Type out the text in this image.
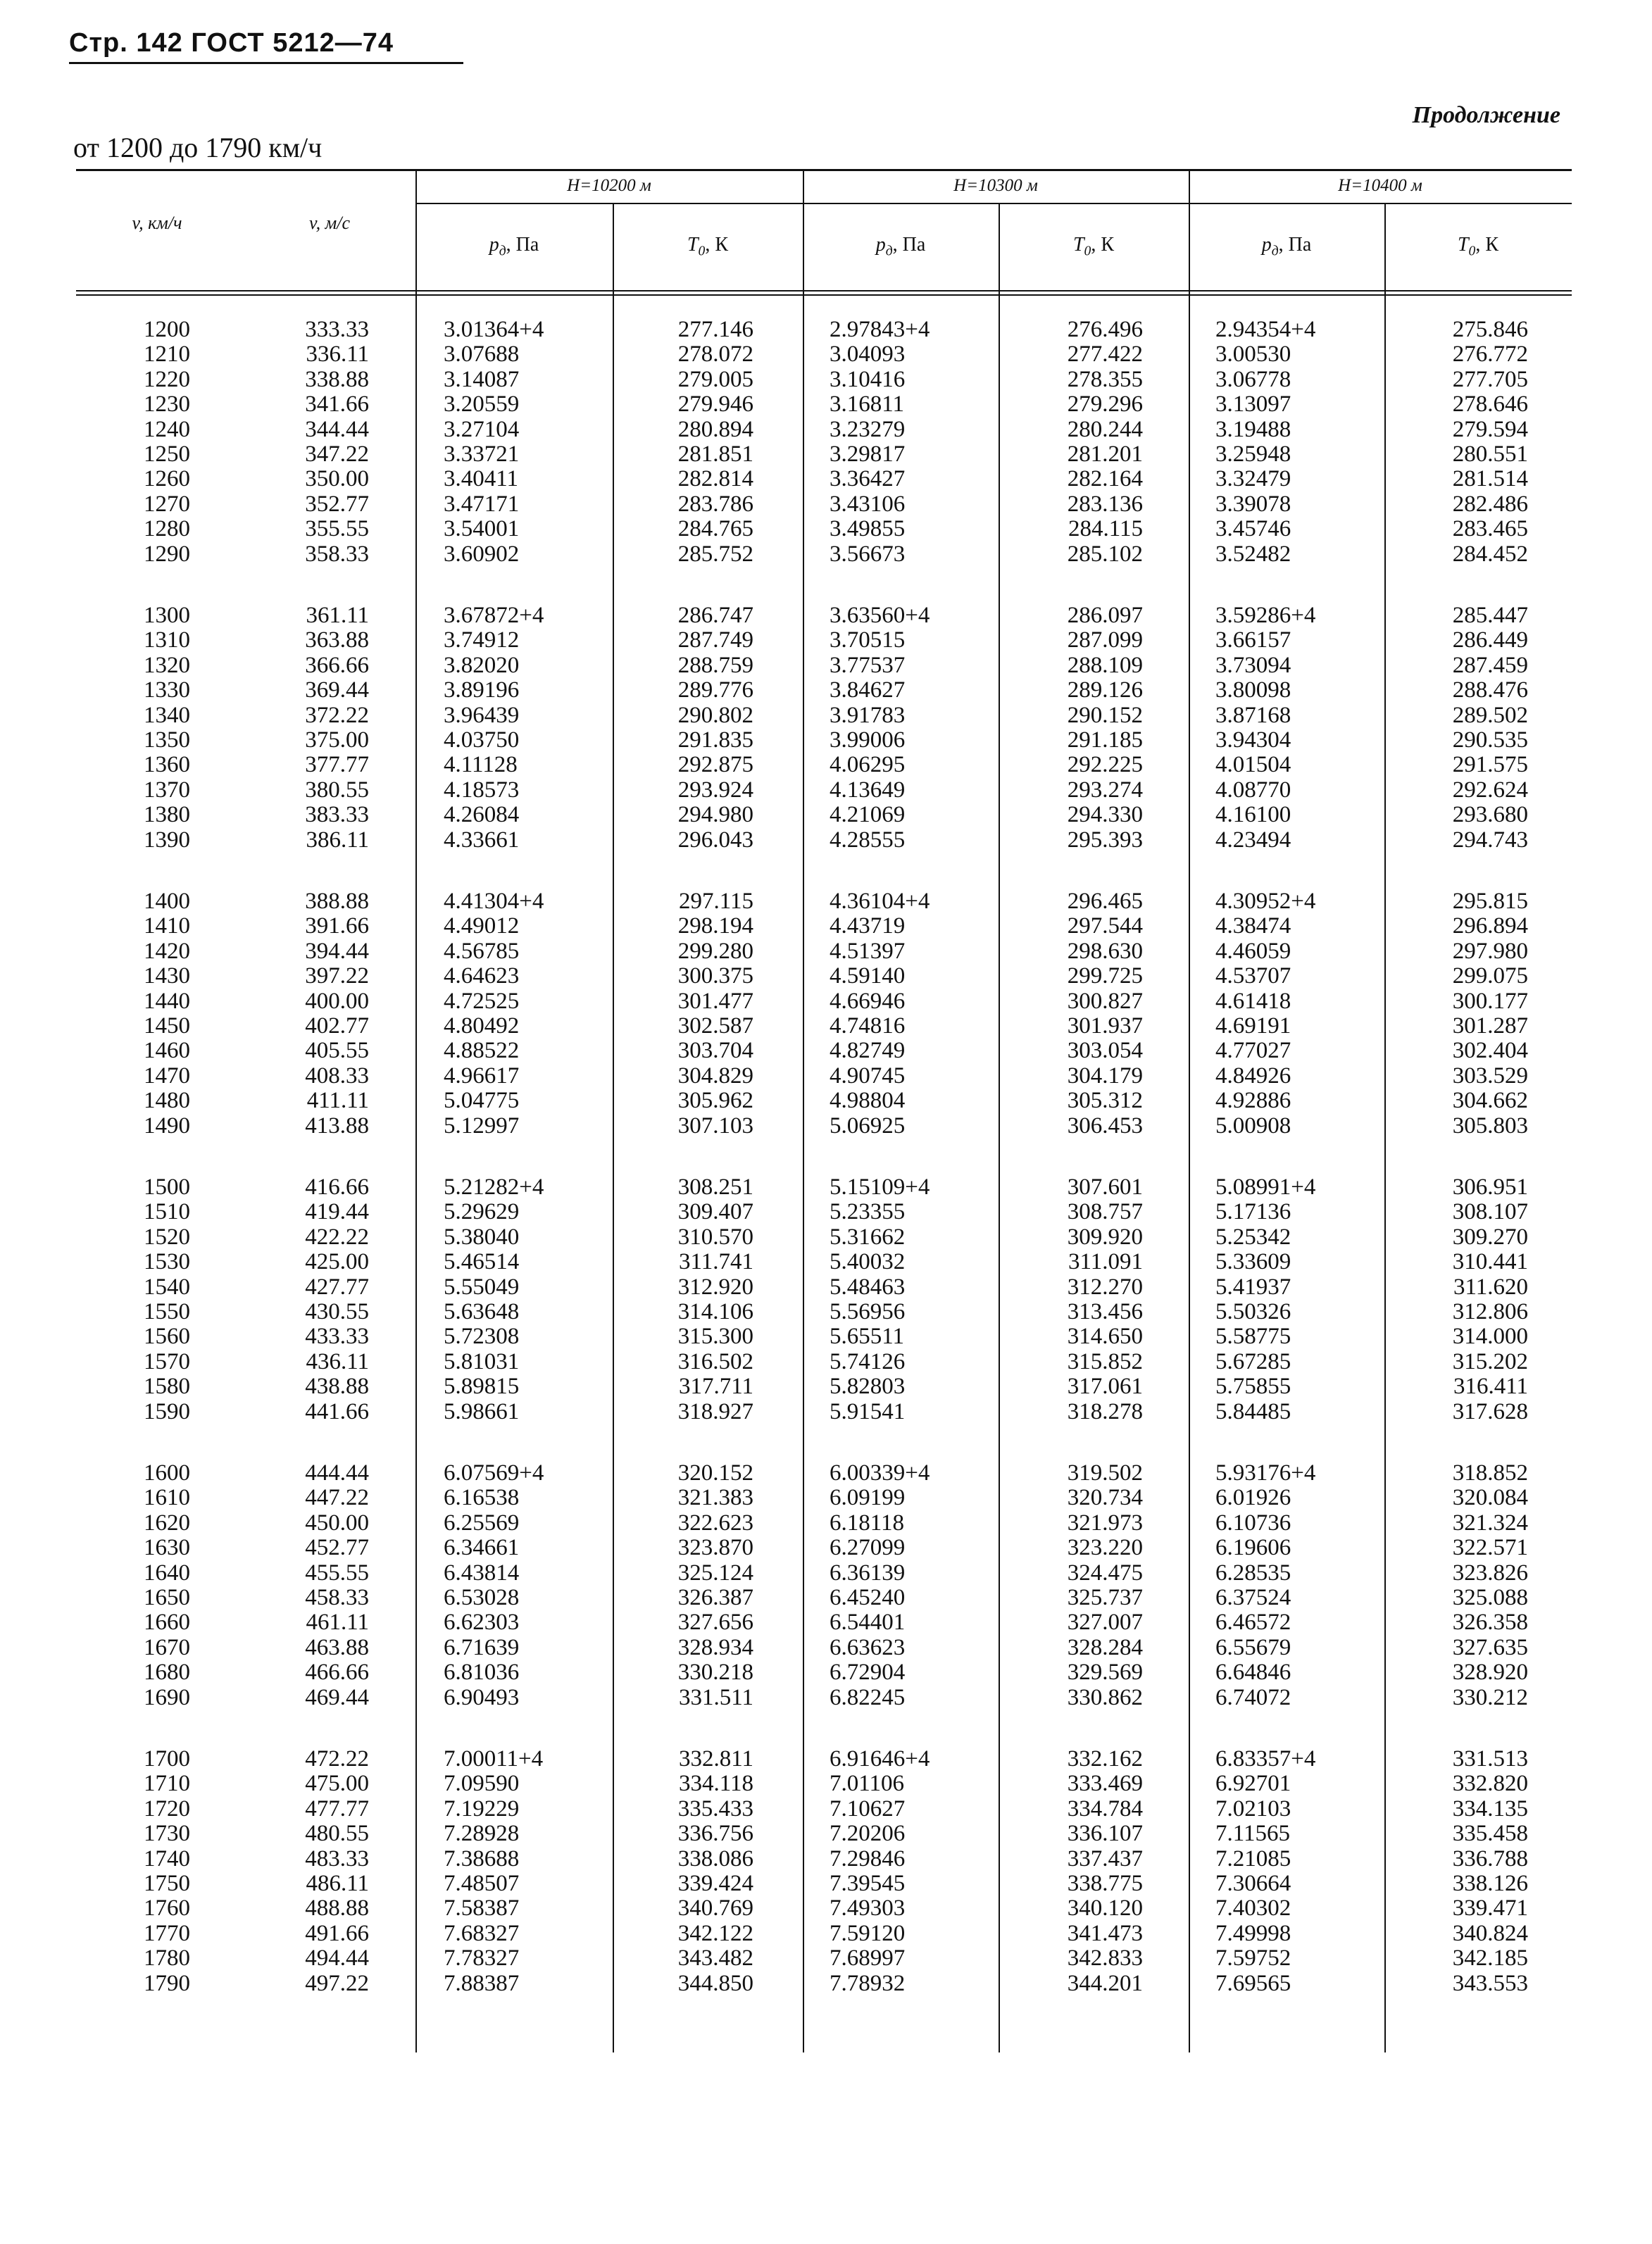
Стр. 142 ГОСТ 5212—74
Продолжение
от 1200 до 1790 км/ч
v, км/ч	v, м/с
H=10200 м	H=10300 м	H=10400 м
$р_д$, Па	$T_0$, К	$р_д$, Па	$T_0$, К	$р_д$, Па	$T_0$, К
1200	333.33	3.01364+4	277.146	2.97843+4	276.496	2.94354+4	275.846
1210	336.11	3.07688	278.072	3.04093	277.422	3.00530	276.772
1220	338.88	3.14087	279.005	3.10416	278.355	3.06778	277.705
1230	341.66	3.20559	279.946	3.16811	279.296	3.13097	278.646
1240	344.44	3.27104	280.894	3.23279	280.244	3.19488	279.594
1250	347.22	3.33721	281.851	3.29817	281.201	3.25948	280.551
1260	350.00	3.40411	282.814	3.36427	282.164	3.32479	281.514
1270	352.77	3.47171	283.786	3.43106	283.136	3.39078	282.486
1280	355.55	3.54001	284.765	3.49855	284.115	3.45746	283.465
1290	358.33	3.60902	285.752	3.56673	285.102	3.52482	284.452
1300	361.11	3.67872+4	286.747	3.63560+4	286.097	3.59286+4	285.447
1310	363.88	3.74912	287.749	3.70515	287.099	3.66157	286.449
1320	366.66	3.82020	288.759	3.77537	288.109	3.73094	287.459
1330	369.44	3.89196	289.776	3.84627	289.126	3.80098	288.476
1340	372.22	3.96439	290.802	3.91783	290.152	3.87168	289.502
1350	375.00	4.03750	291.835	3.99006	291.185	3.94304	290.535
1360	377.77	4.11128	292.875	4.06295	292.225	4.01504	291.575
1370	380.55	4.18573	293.924	4.13649	293.274	4.08770	292.624
1380	383.33	4.26084	294.980	4.21069	294.330	4.16100	293.680
1390	386.11	4.33661	296.043	4.28555	295.393	4.23494	294.743
1400	388.88	4.41304+4	297.115	4.36104+4	296.465	4.30952+4	295.815
1410	391.66	4.49012	298.194	4.43719	297.544	4.38474	296.894
1420	394.44	4.56785	299.280	4.51397	298.630	4.46059	297.980
1430	397.22	4.64623	300.375	4.59140	299.725	4.53707	299.075
1440	400.00	4.72525	301.477	4.66946	300.827	4.61418	300.177
1450	402.77	4.80492	302.587	4.74816	301.937	4.69191	301.287
1460	405.55	4.88522	303.704	4.82749	303.054	4.77027	302.404
1470	408.33	4.96617	304.829	4.90745	304.179	4.84926	303.529
1480	411.11	5.04775	305.962	4.98804	305.312	4.92886	304.662
1490	413.88	5.12997	307.103	5.06925	306.453	5.00908	305.803
1500	416.66	5.21282+4	308.251	5.15109+4	307.601	5.08991+4	306.951
1510	419.44	5.29629	309.407	5.23355	308.757	5.17136	308.107
1520	422.22	5.38040	310.570	5.31662	309.920	5.25342	309.270
1530	425.00	5.46514	311.741	5.40032	311.091	5.33609	310.441
1540	427.77	5.55049	312.920	5.48463	312.270	5.41937	311.620
1550	430.55	5.63648	314.106	5.56956	313.456	5.50326	312.806
1560	433.33	5.72308	315.300	5.65511	314.650	5.58775	314.000
1570	436.11	5.81031	316.502	5.74126	315.852	5.67285	315.202
1580	438.88	5.89815	317.711	5.82803	317.061	5.75855	316.411
1590	441.66	5.98661	318.927	5.91541	318.278	5.84485	317.628
1600	444.44	6.07569+4	320.152	6.00339+4	319.502	5.93176+4	318.852
1610	447.22	6.16538	321.383	6.09199	320.734	6.01926	320.084
1620	450.00	6.25569	322.623	6.18118	321.973	6.10736	321.324
1630	452.77	6.34661	323.870	6.27099	323.220	6.19606	322.571
1640	455.55	6.43814	325.124	6.36139	324.475	6.28535	323.826
1650	458.33	6.53028	326.387	6.45240	325.737	6.37524	325.088
1660	461.11	6.62303	327.656	6.54401	327.007	6.46572	326.358
1670	463.88	6.71639	328.934	6.63623	328.284	6.55679	327.635
1680	466.66	6.81036	330.218	6.72904	329.569	6.64846	328.920
1690	469.44	6.90493	331.511	6.82245	330.862	6.74072	330.212
1700	472.22	7.00011+4	332.811	6.91646+4	332.162	6.83357+4	331.513
1710	475.00	7.09590	334.118	7.01106	333.469	6.92701	332.820
1720	477.77	7.19229	335.433	7.10627	334.784	7.02103	334.135
1730	480.55	7.28928	336.756	7.20206	336.107	7.11565	335.458
1740	483.33	7.38688	338.086	7.29846	337.437	7.21085	336.788
1750	486.11	7.48507	339.424	7.39545	338.775	7.30664	338.126
1760	488.88	7.58387	340.769	7.49303	340.120	7.40302	339.471
1770	491.66	7.68327	342.122	7.59120	341.473	7.49998	340.824
1780	494.44	7.78327	343.482	7.68997	342.833	7.59752	342.185
1790	497.22	7.88387	344.850	7.78932	344.201	7.69565	343.553
